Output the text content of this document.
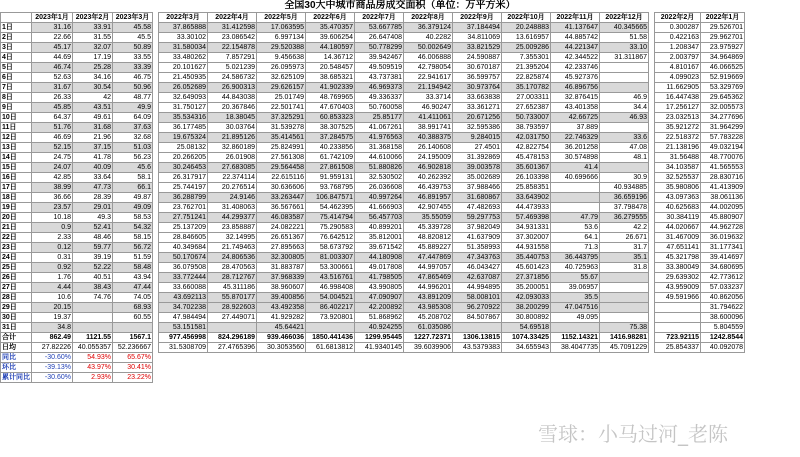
全国30大中城市商品房成交面积（单位：万平方米）
	2023年1月	2023年2月	2023年3月		2022年3月	2022年4月	2022年5月	2022年6月	2022年7月	2022年8月	2022年9月	2022年10月	2022年11月	2022年12月		2022年2月	2022年1月
1日	31.16	33.91	45.58		37.865888	31.412598	17.063595	35.470357	53.667785	36.379124	37.184494	20.248883	41.137647	40.345665		0.300287	29.526701
2日	22.66	31.55	45.5		33.30102	23.086542	6.997134	39.606254	26.647408	40.2282	34.811069	13.616957	44.885742	51.58		0.422163	29.962701
3日	45.17	32.07	50.89		31.580034	22.154878	29.520388	44.180597	50.778299	50.002649	33.821529	25.009286	44.221347	33.10		1.208347	23.975927
4日	44.69	17.19	33.55		33.480262	7.857291	9.456638	14.36712	39.942467	46.006888	24.590887	7.355301	42.344522	31.311867		2.003797	34.964869
5日	46.74	25.28	33.39		20.101627	5.021239	26.095973	20.548457	49.509519	42.798054	30.670187	21.395204	42.233746			4.810167	46.066525
6日	52.63	34.16	46.75		21.450935	24.586732	32.625109	38.685321	43.737381	22.941617	36.599757	22.825874	45.927376			4.099023	52.919669
7日	31.67	30.54	50.96		26.052689	26.900313	29.626157	41.902339	46.969373	21.194942	30.973764	35.170782	46.896756			11.662905	53.329769
8日	26.33	42	48.77		32.649093	44.843038	25.01749	48.769965	49.336337	33.3714	33.663838	27.003311	32.876415	46.9		16.447438	29.645362
9日	45.85	43.51	49.9		31.750127	20.367846	22.501741	47.670403	50.760058	46.90247	33.361271	27.652387	43.401358	34.4		17.256127	32.005573
10日	64.37	49.61	64.09		35.534316	18.38045	37.325291	60.853323	25.85177	41.411061	20.671256	50.733007	42.66725	46.93		23.032513	34.277696
11日	51.76	31.68	37.63		36.177485	30.03764	31.539278	38.307525	41.067261	38.991741	32.595386	38.793597	37.889			35.921272	31.964299
12日	46.69	21.96	32.68		19.675324	21.895126	35.414561	37.284575	41.976563	40.388375	9.284015	42.031750	22.746329	33.6		22.518372	57.783228
13日	52.15	37.15	51.03		25.08132	32.860189	25.824991	40.233856	31.368158	26.140608	27.4501	42.822754	36.201258	47.08		21.138196	49.032194
14日	24.75	41.78	56.23		20.266205	26.01908	27.561308	61.742109	44.610066	24.195009	31.392869	45.478153	30.574898	48.1		31.56488	48.770076
15日	24.07	40.09	45.6		30.246453	27.683085	29.564458	27.861508	51.880826	46.902818	39.003578	35.601367	41.4			34.103587	41.565553
16日	42.85	33.64	58.1		26.317917	22.374114	22.615116	91.959131	32.530502	40.262392	35.002689	26.103398	40.699666	30.9		32.525537	28.830716
17日	38.99	47.73	66.1		25.744197	20.276514	30.636606	93.768795	26.036608	46.439753	37.988466	25.858351		40.934885		35.980806	41.413909
18日	36.66	28.39	49.87		36.288799	24.9146	33.263447	106.847571	40.997264	46.891957	31.680867	33.643902		36.659196		43.097363	38.061136
19日	23.57	29.01	49.09		23.762701	31.408063	36.567661	54.462395	41.666903	42.907455	47.482693	44.473933		37.798478		40.625683	44.002095
20日	10.18	49.3	58.53		27.751241	44.299377	46.083587	75.414794	56.457703	35.55059	59.297753	57.469398	47.79	36.279555		30.384119	45.880907
21日	0.9	52.41	54.32		25.137209	23.858887	24.082221	75.290583	40.899201	45.339728	37.982049	34.931331	53.6	42.2		44.020667	44.962728
22日	2.33	48.46	58.15		28.846605	32.14995	26.651367	76.642512	35.812001	48.820812	41.637909	37.302007	64.1	26.671		31.467009	36.019632
23日	0.12	59.77	56.72		40.349684	21.749463	27.895663	58.673792	39.671542	45.889227	51.358993	44.931558	71.3	31.7		47.651141	31.177341
24日	0.31	39.19	51.59		50.170674	24.806536	32.300805	81.003307	44.180908	47.447869	47.343763	35.440753	36.443795	35.1		45.321798	39.414697
25日	0.92	52.22	58.48		36.079508	28.470563	31.883787	53.300661	49.017808	44.997057	46.043427	45.601423	40.725963	31.8		33.380049	34.680695
26日	1.76	40.51	43.94		33.772444	28.712767	37.968339	43.516761	41.798505	47.865469	42.637087	27.371856	55.67			29.639302	42.773612
27日	4.44	38.43	47.44		33.660088	45.311186	38.960607	46.998408	43.990805	44.996201	44.994895	35.200051	39.06957			43.959009	57.033237
28日	10.6	74.76	74.05		43.692113	55.870177	39.400856	54.004521	47.090907	43.891209	58.008101	42.093033	35.5			49.591966	40.862056
29日	20.15		68.93		34.702238	28.922603	43.492358	86.402217	42.200892	43.985308	96.270922	38.200299	47.047516				31.794622
30日	19.37		60.55		47.984494	27.449071	41.929282	73.920801	51.868962	45.208702	84.507867	30.800892	49.095				38.600096
31日	34.8				53.151581		45.64421		40.924255	61.035086		54.69518		75.38			5.804559
合计	862.49	1121.55	1567.1		977.456998	824.296189	939.466036	1850.441436	1299.95445	1227.72371	1306.13815	1074.33425	1152.14321	1416.98281		723.92115	1242.8544
日均	27.82226	40.055357	52.236667		31.5308709	27.4765396	30.3053560	61.6813812	41.9340145	39.6039906	43.5379383	34.655943	38.4047735	45.7091229		25.854337	40.092078
同比	-30.60%	54.93%	65.67%														
环比	-39.13%	43.97%	30.41%														
累计同比	-30.60%	2.93%	23.22%														
雪球：小马过河_老陈
